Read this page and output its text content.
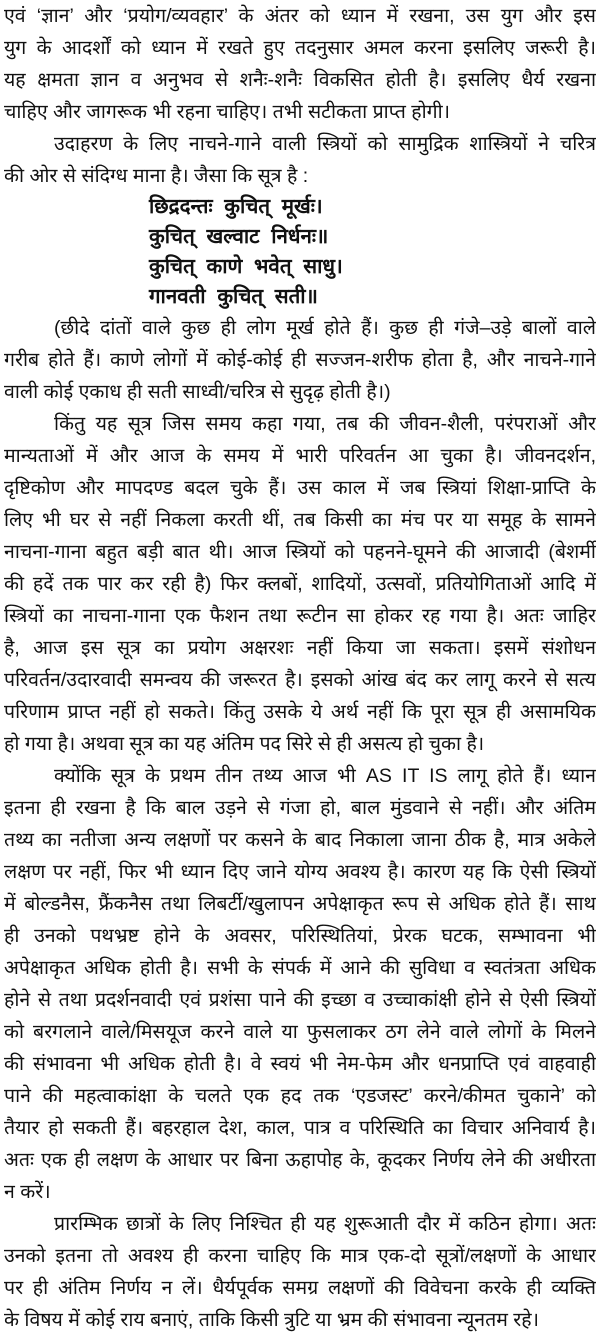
एवं ‘ज्ञान’ और ‘प्रयोग/व्यवहार’ के अंतर को ध्यान में रखना, उस युग और इस
युग के आदर्शों को ध्यान में रखते हुए तदनुसार अमल करना इसलिए जरूरी है।
यह क्षमता ज्ञान व अनुभव से शनैः-शनैः विकसित होती है। इसलिए धैर्य रखना
चाहिए और जागरूक भी रहना चाहिए। तभी सटीकता प्राप्त होगी।
उदाहरण के लिए नाचने-गाने वाली स्त्रियों को सामुद्रिक शास्त्रियों ने चरित्र
की ओर से संदिग्ध माना है। जैसा कि सूत्र है :
छिद्रदन्तः कुचित् मूर्खः।
कुचित् खल्वाट निर्धनः॥
कुचित् काणे भवेत् साधु।
गानवती कुचित् सती॥
(छीदे दांतों वाले कुछ ही लोग मूर्ख होते हैं। कुछ ही गंजे–उड़े बालों वाले
गरीब होते हैं। काणे लोगों में कोई-कोई ही सज्जन-शरीफ होता है, और नाचने-गाने
वाली कोई एकाध ही सती साध्वी/चरित्र से सुदृढ़ होती है।)
किंतु यह सूत्र जिस समय कहा गया, तब की जीवन-शैली, परंपराओं और
मान्यताओं में और आज के समय में भारी परिवर्तन आ चुका है। जीवनदर्शन,
दृष्टिकोण और मापदण्ड बदल चुके हैं। उस काल में जब स्त्रियां शिक्षा-प्राप्ति के
लिए भी घर से नहीं निकला करती थीं, तब किसी का मंच पर या समूह के सामने
नाचना-गाना बहुत बड़ी बात थी। आज स्त्रियों को पहनने-घूमने की आजादी (बेशर्मी
की हदें तक पार कर रही है) फिर क्लबों, शादियों, उत्सवों, प्रतियोगिताओं आदि में
स्त्रियों का नाचना-गाना एक फैशन तथा रूटीन सा होकर रह गया है। अतः जाहिर
है, आज इस सूत्र का प्रयोग अक्षरशः नहीं किया जा सकता। इसमें संशोधन
परिवर्तन/उदारवादी समन्वय की जरूरत है। इसको आंख बंद कर लागू करने से सत्य
परिणाम प्राप्त नहीं हो सकते। किंतु उसके ये अर्थ नहीं कि पूरा सूत्र ही असामयिक
हो गया है। अथवा सूत्र का यह अंतिम पद सिरे से ही असत्य हो चुका है।
क्योंकि सूत्र के प्रथम तीन तथ्य आज भी AS IT IS लागू होते हैं। ध्यान
इतना ही रखना है कि बाल उड़ने से गंजा हो, बाल मुंडवाने से नहीं। और अंतिम
तथ्य का नतीजा अन्य लक्षणों पर कसने के बाद निकाला जाना ठीक है, मात्र अकेले
लक्षण पर नहीं, फिर भी ध्यान दिए जाने योग्य अवश्य है। कारण यह कि ऐसी स्त्रियों
में बोल्डनैस, फ्रैंकनैस तथा लिबर्टी/खुलापन अपेक्षाकृत रूप से अधिक होते हैं। साथ
ही उनको पथभ्रष्ट होने के अवसर, परिस्थितियां, प्रेरक घटक, सम्भावना भी
अपेक्षाकृत अधिक होती है। सभी के संपर्क में आने की सुविधा व स्वतंत्रता अधिक
होने से तथा प्रदर्शनवादी एवं प्रशंसा पाने की इच्छा व उच्चाकांक्षी होने से ऐसी स्त्रियों
को बरगलाने वाले/मिसयूज करने वाले या फुसलाकर ठग लेने वाले लोगों के मिलने
की संभावना भी अधिक होती है। वे स्वयं भी नेम-फेम और धनप्राप्ति एवं वाहवाही
पाने की महत्वाकांक्षा के चलते एक हद तक ‘एडजस्ट’ करने/कीमत चुकाने’ को
तैयार हो सकती हैं। बहरहाल देश, काल, पात्र व परिस्थिति का विचार अनिवार्य है।
अतः एक ही लक्षण के आधार पर बिना ऊहापोह के, कूदकर निर्णय लेने की अधीरता
न करें।
प्रारम्भिक छात्रों के लिए निश्चित ही यह शुरूआती दौर में कठिन होगा। अतः
उनको इतना तो अवश्य ही करना चाहिए कि मात्र एक-दो सूत्रों/लक्षणों के आधार
पर ही अंतिम निर्णय न लें। धैर्यपूर्वक समग्र लक्षणों की विवेचना करके ही व्यक्ति
के विषय में कोई राय बनाएं, ताकि किसी त्रुटि या भ्रम की संभावना न्यूनतम रहे।
